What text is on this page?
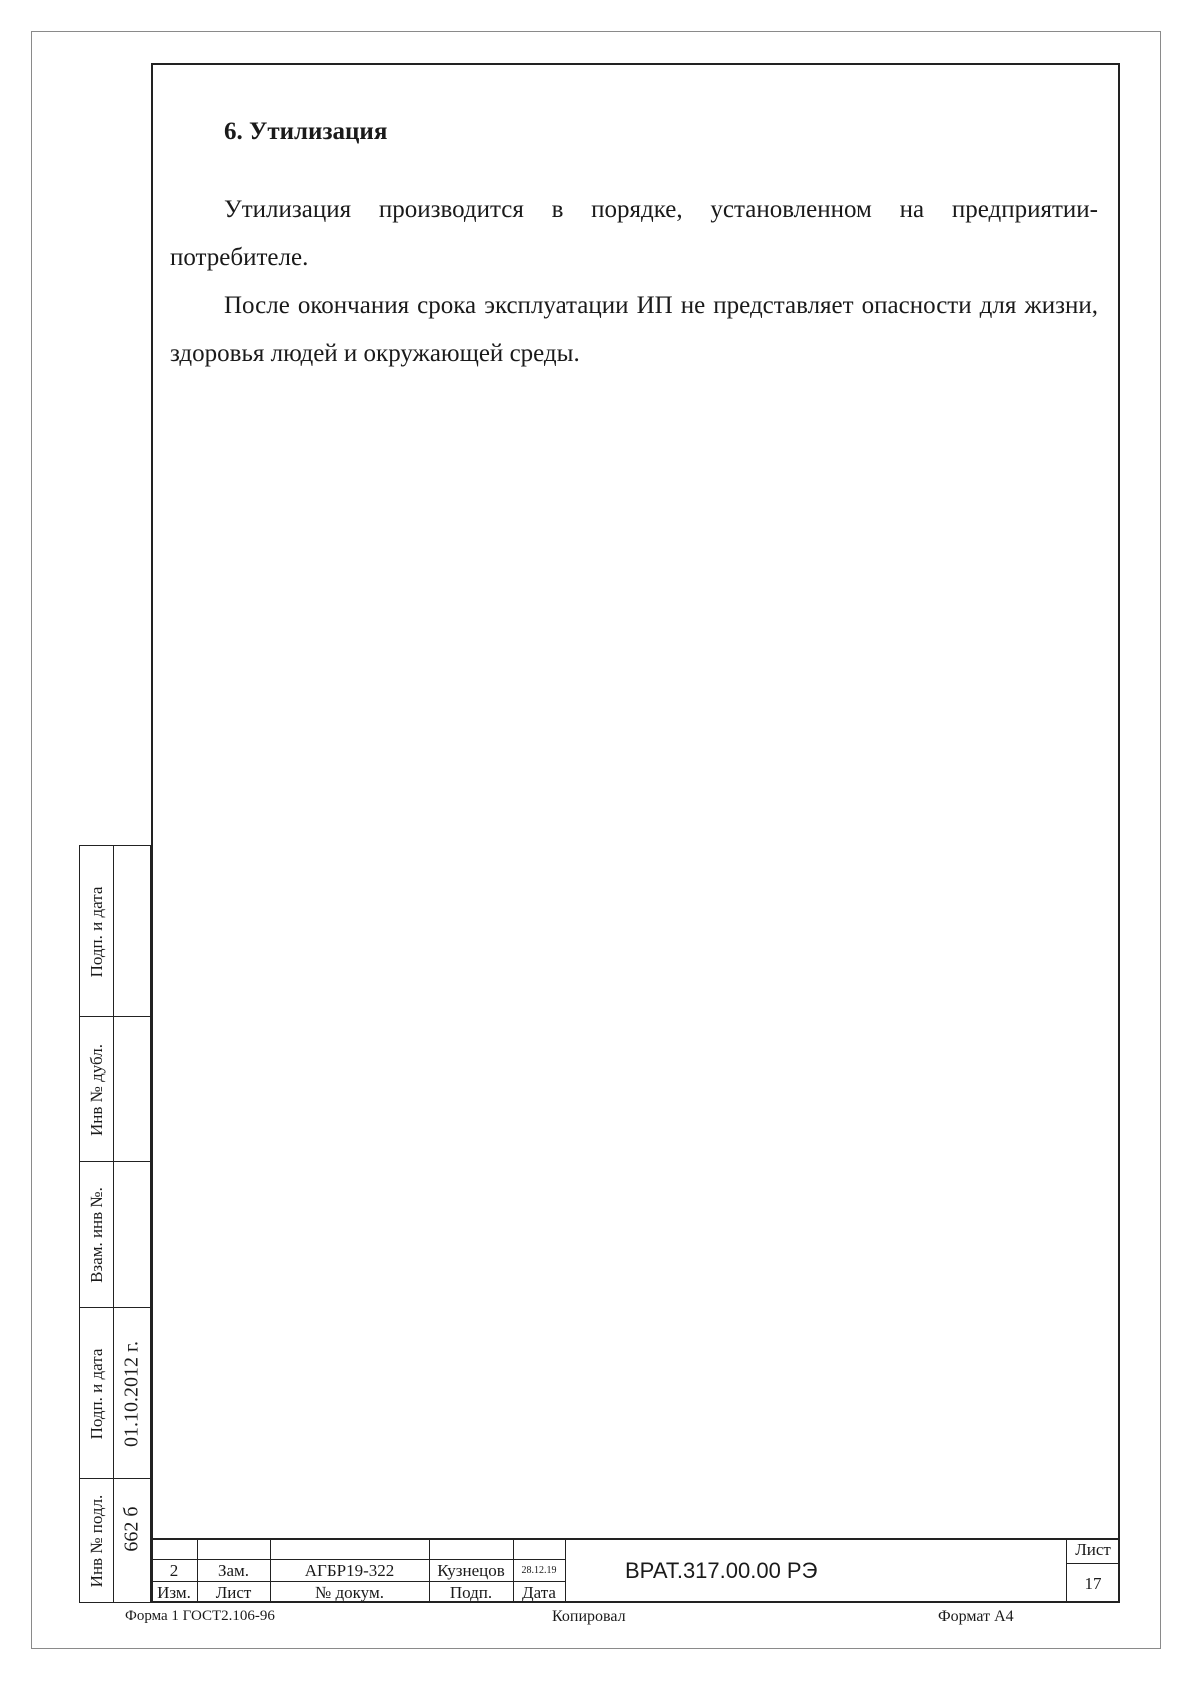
6. Утилизация
Утилизация производится в порядке, установленном на предприятии-потребителе.
После окончания срока эксплуатации ИП не представляет опасности для жизни, здоровья людей и окружающей среды.
Подп. и дата
Инв № дубл.
Взам. инв №.
Подп. и дата 01.10.2012 г.
Инв № подл. 662 б
2	Зам.	АГБР19-322	Кузнецов	28.12.19
Изм.	Лист	№ докум.	Подп.	Дата
ВРАТ.317.00.00 РЭ
Лист
17
Форма 1 ГОСТ2.106-96	Копировал	Формат А4
